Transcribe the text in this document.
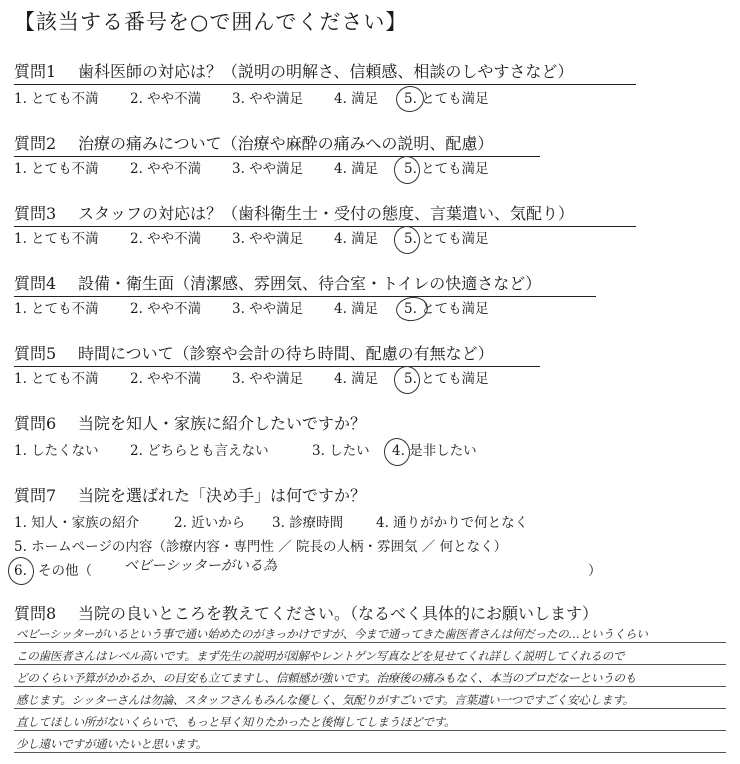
【該当する番号を○で囲んでください】
質問1 歯科医師の対応は？（説明の明解さ、信頼感、相談のしやすさなど）
1. とても不満 2. やや不満 3. やや満足 4. 満足 5. とても満足
質問2 治療の痛みについて（治療や麻酔の痛みへの説明、配慮）
1. とても不満 2. やや不満 3. やや満足 4. 満足 5. とても満足
質問3 スタッフの対応は？（歯科衛生士・受付の態度、言葉遣い、気配り）
1. とても不満 2. やや不満 3. やや満足 4. 満足 5. とても満足
質問4 設備・衛生面（清潔感、雰囲気、待合室・トイレの快適さなど）
1. とても不満 2. やや不満 3. やや満足 4. 満足 5. とても満足
質問5 時間について（診察や会計の待ち時間、配慮の有無など）
1. とても不満 2. やや不満 3. やや満足 4. 満足 5. とても満足
質問6 当院を知人・家族に紹介したいですか？
1. したくない 2. どちらとも言えない	3. したい 4. 是非したい
質問7 当院を選ばれた「決め手」は何ですか？
1. 知人・家族の紹介	2. 近いから 3. 診療時間 4. 通りがかりで何となく
5. ホームページの内容（診療内容・専門性 ／ 院長の人柄・雰囲気 ／ 何となく）
6. その他（	）
ベビーシッターがいる為
質問8 当院の良いところを教えてください。（なるべく具体的にお願いします）
ベビーシッターがいるという事で通い始めたのがきっかけですが、今まで通ってきた歯医者さんは何だったの…というくらい
この歯医者さんはレベル高いです。まず先生の説明が図解やレントゲン写真などを見せてくれ詳しく説明してくれるので
どのくらい予算がかかるか、の目安も立てますし、信頼感が強いです。治療後の痛みもなく、本当のプロだなーというのも
感じます。シッターさんは勿論、スタッフさんもみんな優しく、気配りがすごいです。言葉遣い一つですごく安心します。
直してほしい所がないくらいで、もっと早く知りたかったと後悔してしまうほどです。
少し遠いですが通いたいと思います。
